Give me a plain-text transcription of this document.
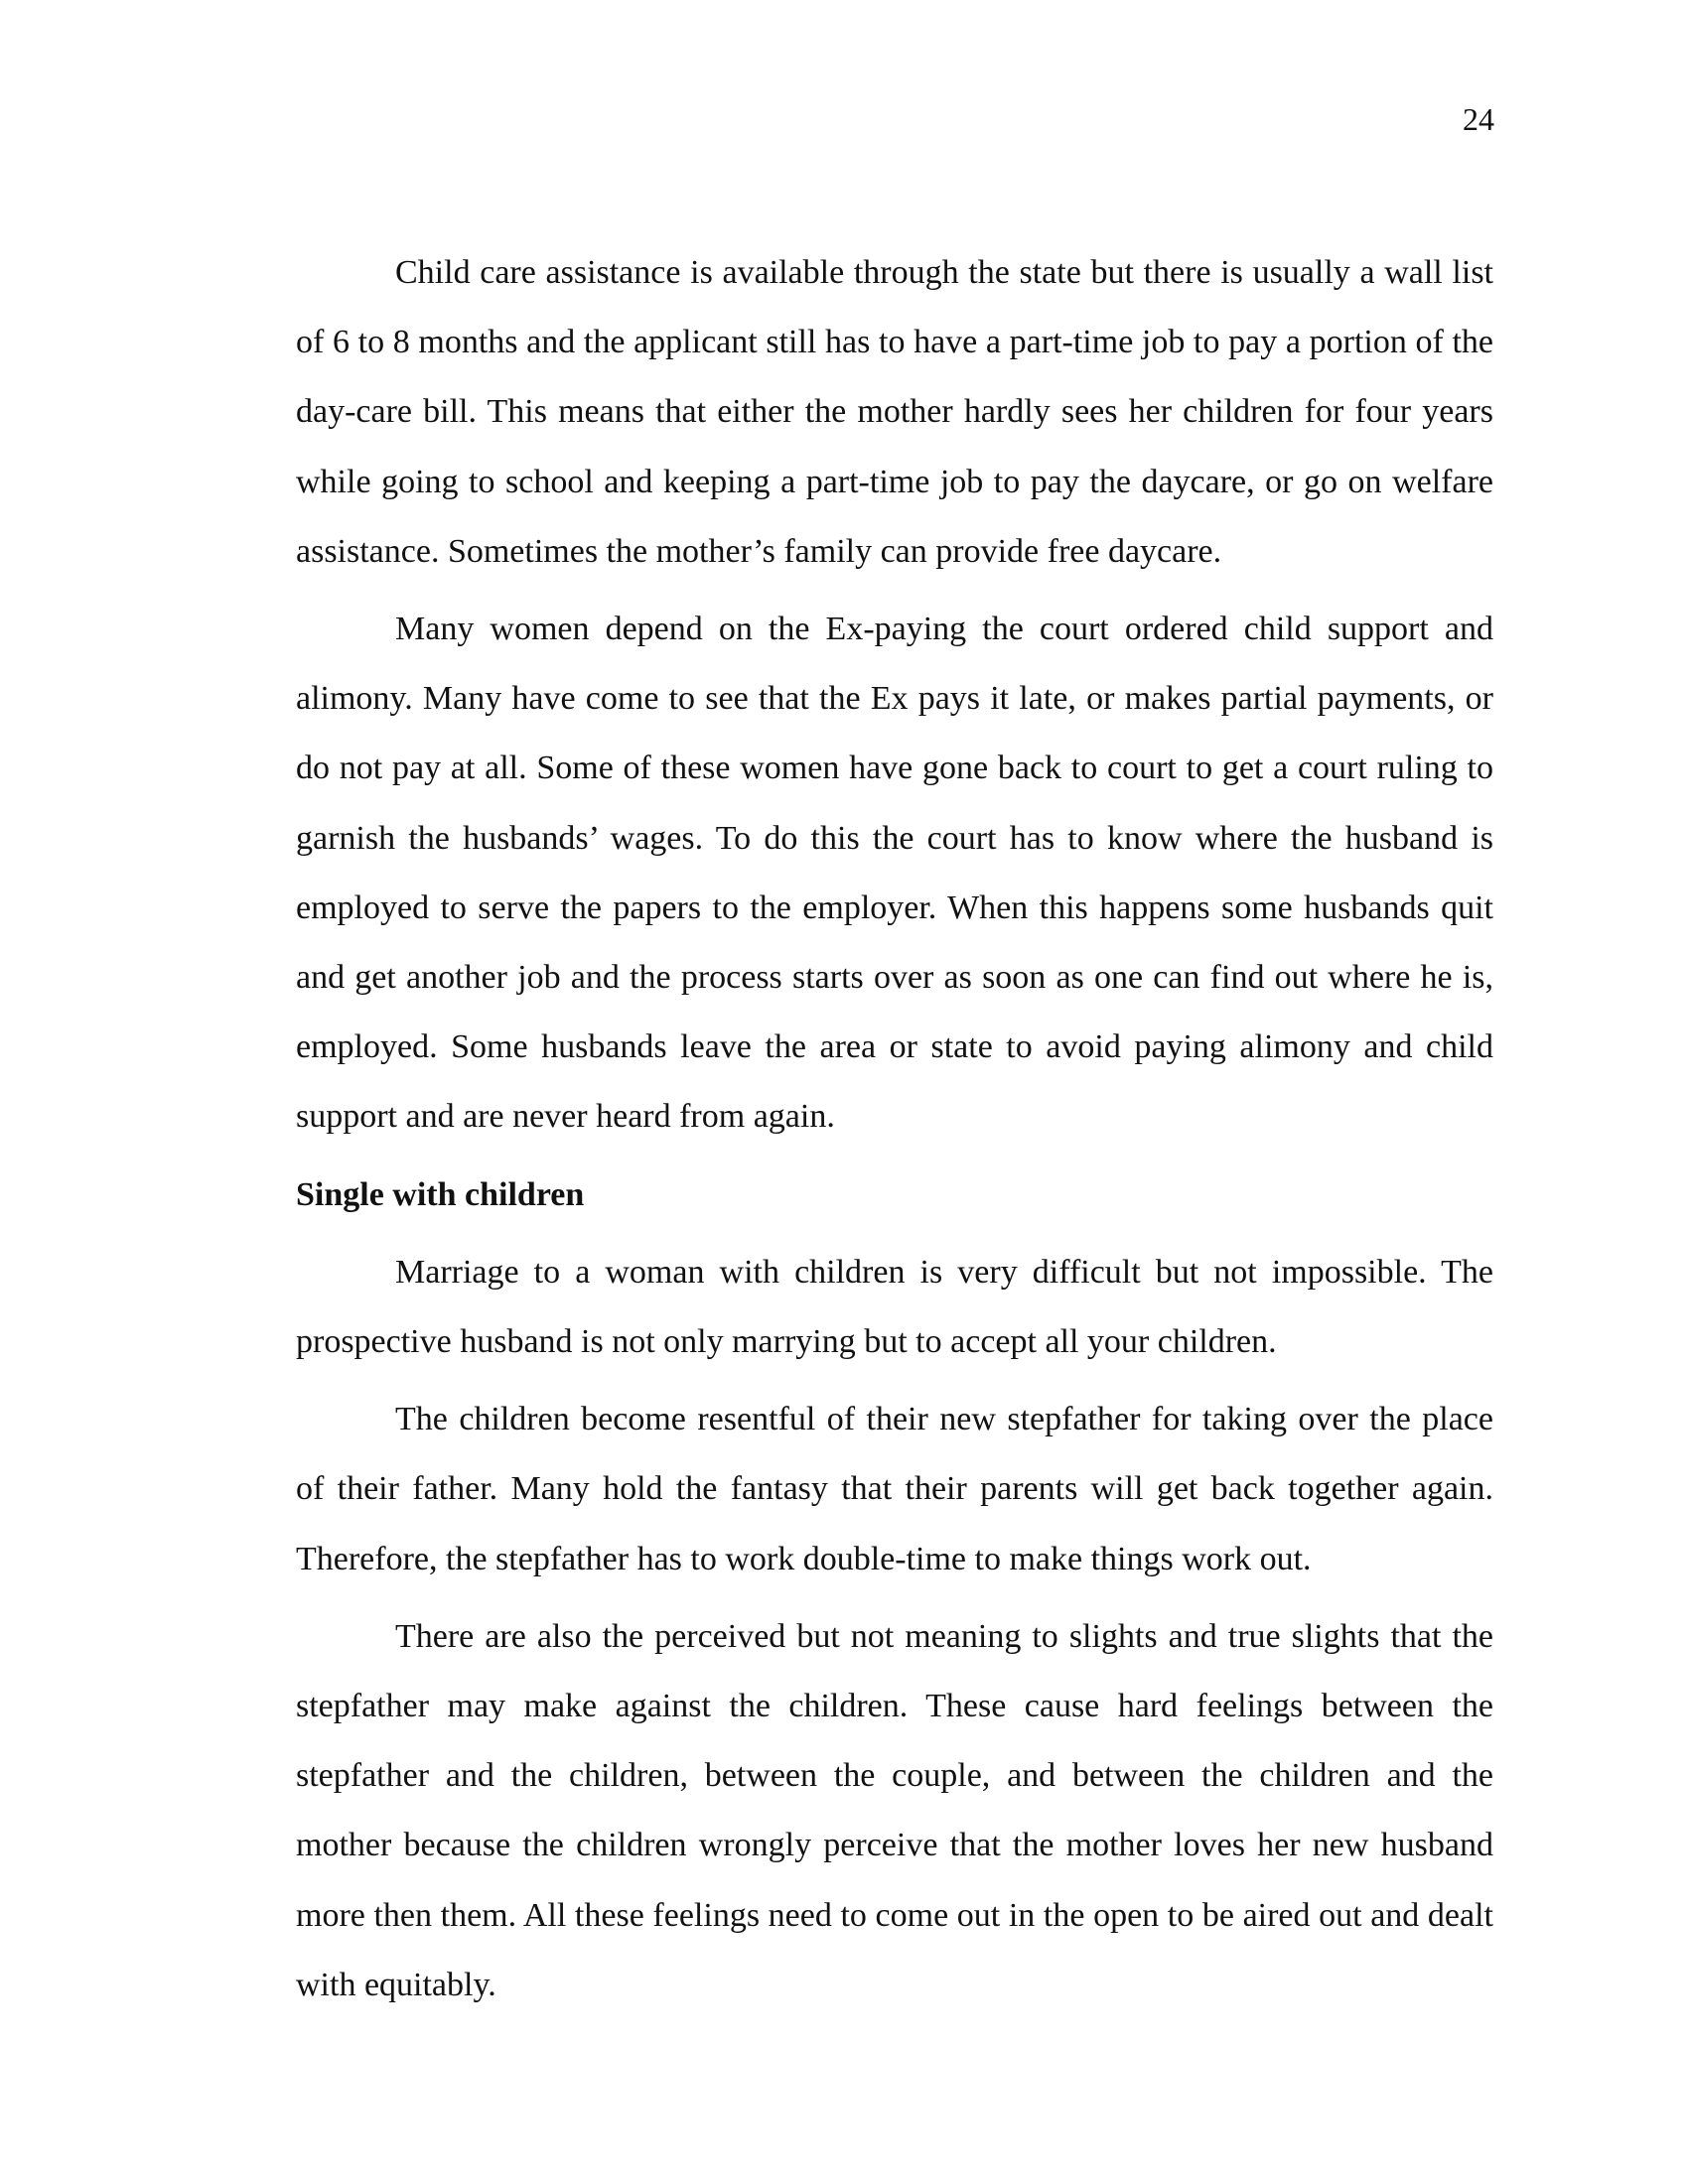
24

Child care assistance is available through the state but there is usually a wall list of 6 to 8 months and the applicant still has to have a part-time job to pay a portion of the day-care bill. This means that either the mother hardly sees her children for four years while going to school and keeping a part-time job to pay the daycare, or go on welfare assistance. Sometimes the mother’s family can provide free daycare.

Many women depend on the Ex-paying the court ordered child support and alimony. Many have come to see that the Ex pays it late, or makes partial payments, or do not pay at all. Some of these women have gone back to court to get a court ruling to garnish the husbands’ wages. To do this the court has to know where the husband is employed to serve the papers to the employer. When this happens some husbands quit and get another job and the process starts over as soon as one can find out where he is, employed. Some husbands leave the area or state to avoid paying alimony and child support and are never heard from again.

Single with children

Marriage to a woman with children is very difficult but not impossible. The prospective husband is not only marrying but to accept all your children.

The children become resentful of their new stepfather for taking over the place of their father. Many hold the fantasy that their parents will get back together again. Therefore, the stepfather has to work double-time to make things work out.

There are also the perceived but not meaning to slights and true slights that the stepfather may make against the children. These cause hard feelings between the stepfather and the children, between the couple, and between the children and the mother because the children wrongly perceive that the mother loves her new husband more then them. All these feelings need to come out in the open to be aired out and dealt with equitably.
